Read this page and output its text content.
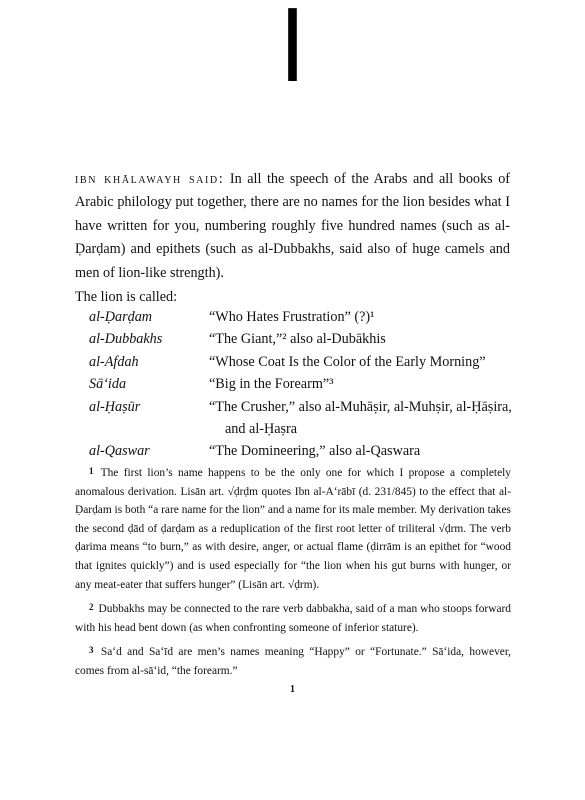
ا

ibn khālawayh said: In all the speech of the Arabs and all books of Arabic philology put together, there are no names for the lion besides what I have written for you, numbering roughly five hundred names (such as al-Ḍarḍam) and epithets (such as al-Dubbakhs, said also of huge camels and men of lion-like strength).

The lion is called:
al-Ḍarḍam	“Who Hates Frustration” (?)¹
al-Dubbakhs	“The Giant,”² also al-Dubākhis
al-Afdah	“Whose Coat Is the Color of the Early Morning”
Sā‘ida	“Big in the Forearm”³
al-Ḥaṣūr	“The Crusher,” also al-Muhāṣir, al-Muhṣir, al-Ḥāṣira,
and al-Ḥaṣra
al-Qaswar	“The Domineering,” also al-Qaswara

1 The first lion’s name happens to be the only one for which I propose a completely anomalous derivation. Lisān art. √ḍrḍm quotes Ibn al-A‘rābī (d. 231/845) to the effect that al-Ḍarḍam is both “a rare name for the lion” and a name for its male member. My derivation takes the second ḍād of ḍarḍam as a reduplication of the first root letter of triliteral √ḍrm. The verb ḍarima means “to burn,” as with desire, anger, or actual flame (ḍirrām is an epithet for “wood that ignites quickly”) and is used especially for “the lion when his gut burns with hunger, or any meat-eater that suffers hunger” (Lisān art. √ḍrm).

2 Dubbakhs may be connected to the rare verb dabbakha, said of a man who stoops forward with his head bent down (as when confronting someone of inferior stature).

3 Sa‘d and Sa‘īd are men’s names meaning “Happy” or “Fortunate.” Sā‘ida, however, comes from al-sā‘id, “the forearm.”

1
